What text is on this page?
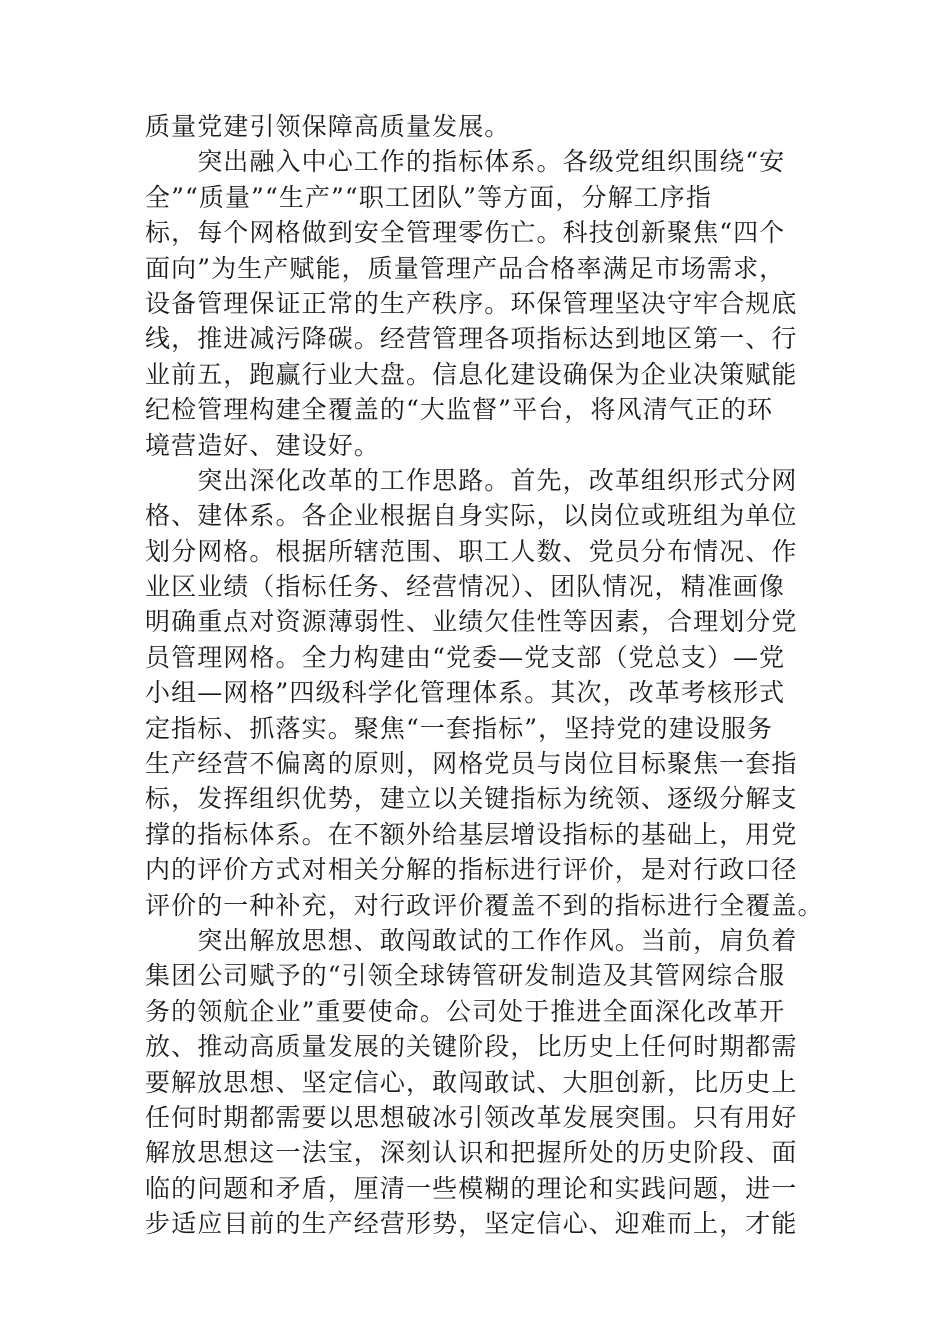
质量党建引领保障高质量发展。
　　突出融入中心工作的指标体系。各级党组织围绕“安
全”“质量”“生产”“职工团队”等方面，分解工序指
标，每个网格做到安全管理零伤亡。科技创新聚焦“四个
面向”为生产赋能，质量管理产品合格率满足市场需求，
设备管理保证正常的生产秩序。环保管理坚决守牢合规底
线，推进减污降碳。经营管理各项指标达到地区第一、行
业前五，跑赢行业大盘。信息化建设确保为企业决策赋能
纪检管理构建全覆盖的“大监督”平台，将风清气正的环
境营造好、建设好。
　　突出深化改革的工作思路。首先，改革组织形式分网
格、建体系。各企业根据自身实际，以岗位或班组为单位
划分网格。根据所辖范围、职工人数、党员分布情况、作
业区业绩（指标任务、经营情况）、团队情况，精准画像
明确重点对资源薄弱性、业绩欠佳性等因素，合理划分党
员管理网格。全力构建由“党委—党支部（党总支）—党
小组—网格”四级科学化管理体系。其次，改革考核形式
定指标、抓落实。聚焦“一套指标”，坚持党的建设服务
生产经营不偏离的原则，网格党员与岗位目标聚焦一套指
标，发挥组织优势，建立以关键指标为统领、逐级分解支
撑的指标体系。在不额外给基层增设指标的基础上，用党
内的评价方式对相关分解的指标进行评价，是对行政口径
评价的一种补充，对行政评价覆盖不到的指标进行全覆盖。
　　突出解放思想、敢闯敢试的工作作风。当前，肩负着
集团公司赋予的“引领全球铸管研发制造及其管网综合服
务的领航企业”重要使命。公司处于推进全面深化改革开
放、推动高质量发展的关键阶段，比历史上任何时期都需
要解放思想、坚定信心，敢闯敢试、大胆创新，比历史上
任何时期都需要以思想破冰引领改革发展突围。只有用好
解放思想这一法宝，深刻认识和把握所处的历史阶段、面
临的问题和矛盾，厘清一些模糊的理论和实践问题，进一
步适应目前的生产经营形势，坚定信心、迎难而上，才能
